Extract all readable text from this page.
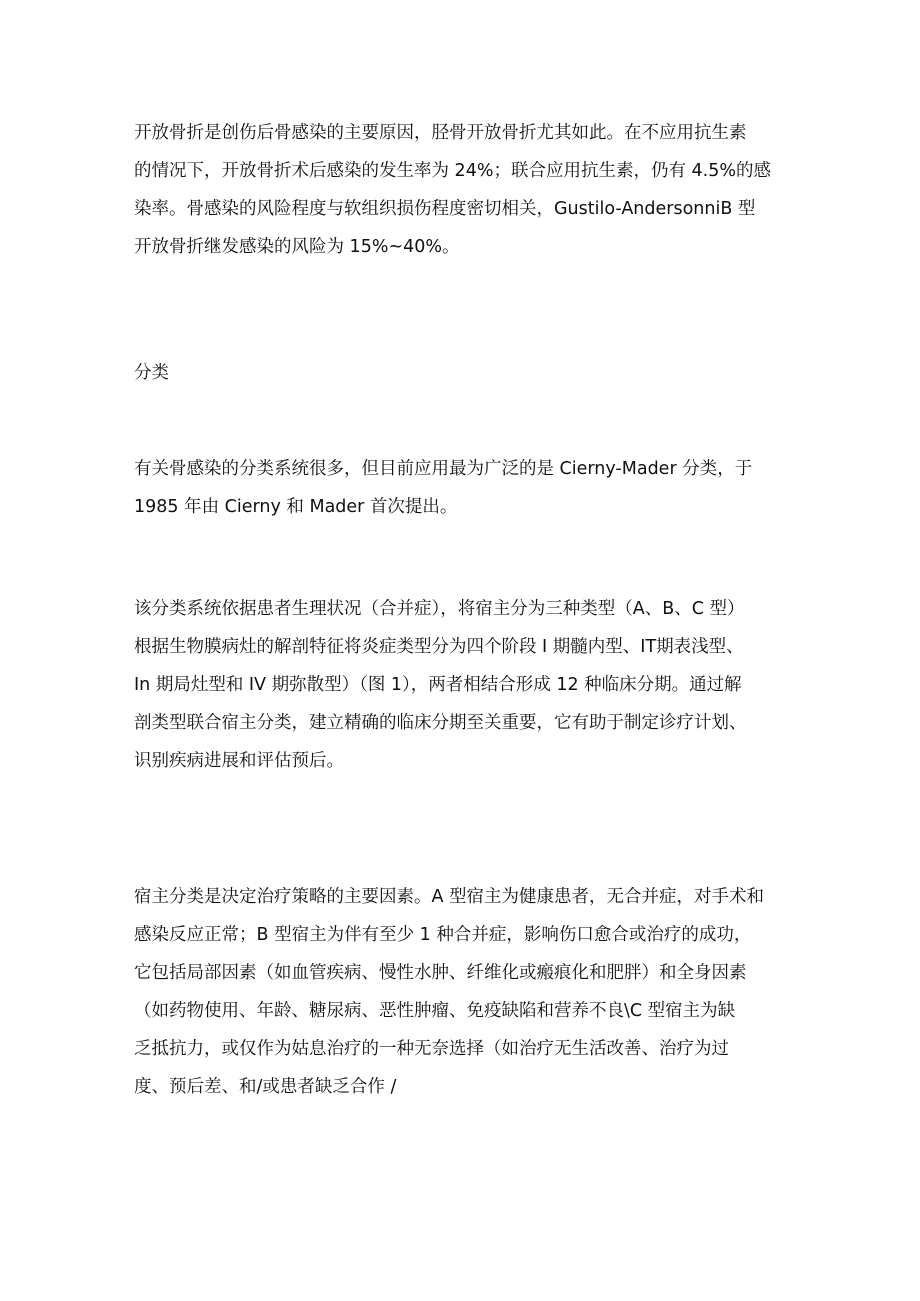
开放骨折是创伤后骨感染的主要原因，胫骨开放骨折尤其如此。在不应用抗生素
的情况下，开放骨折术后感染的发生率为 24%；联合应用抗生素，仍有 4.5%的感
染率。骨感染的风险程度与软组织损伤程度密切相关，Gustilo-AndersonniB 型
开放骨折继发感染的风险为 15%~40%。
分类
有关骨感染的分类系统很多，但目前应用最为广泛的是 Cierny-Mader 分类，于
1985 年由 Cierny 和 Mader 首次提出。
该分类系统依据患者生理状况（合并症），将宿主分为三种类型（A、B、C 型）
根据生物膜病灶的解剖特征将炎症类型分为四个阶段 I 期髓内型、IT期表浅型、
In 期局灶型和 IV 期弥散型）（图 1），两者相结合形成 12 种临床分期。通过解
剖类型联合宿主分类，建立精确的临床分期至关重要，它有助于制定诊疗计划、
识别疾病进展和评估预后。
宿主分类是决定治疗策略的主要因素。A 型宿主为健康患者，无合并症，对手术和
感染反应正常；B 型宿主为伴有至少 1 种合并症，影响伤口愈合或治疗的成功，
它包括局部因素（如血管疾病、慢性水肿、纤维化或瘢痕化和肥胖）和全身因素
（如药物使用、年龄、糖尿病、恶性肿瘤、免疫缺陷和营养不良\C 型宿主为缺
乏抵抗力，或仅作为姑息治疗的一种无奈选择（如治疗无生活改善、治疗为过
度、预后差、和/或患者缺乏合作 /
